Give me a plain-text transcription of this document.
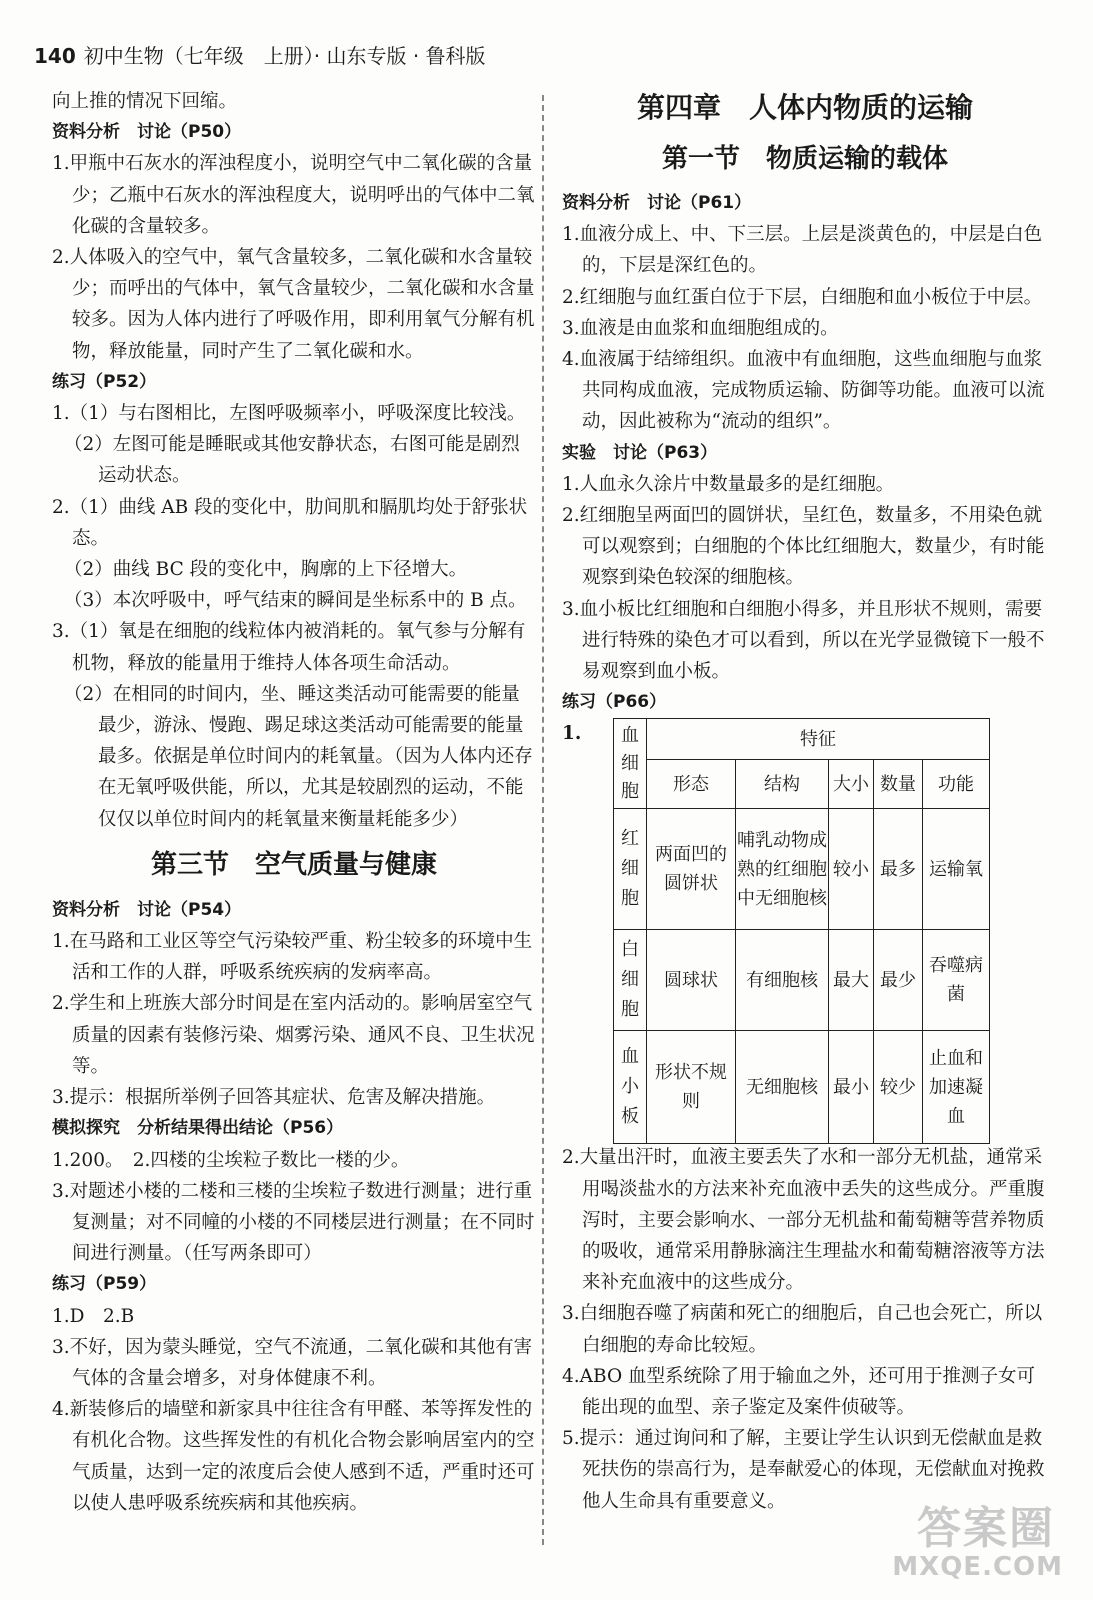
140 初中生物（七年级　上册）· 山东专版 · 鲁科版

向上推的情况下回缩。

资料分析　讨论（P50）

1.甲瓶中石灰水的浑浊程度小，说明空气中二氧化碳的含量少；乙瓶中石灰水的浑浊程度大，说明呼出的气体中二氧化碳的含量较多。

2.人体吸入的空气中，氧气含量较多，二氧化碳和水含量较少；而呼出的气体中，氧气含量较少，二氧化碳和水含量较多。因为人体内进行了呼吸作用，即利用氧气分解有机物，释放能量，同时产生了二氧化碳和水。

练习（P52）

1.（1）与右图相比，左图呼吸频率小，呼吸深度比较浅。

（2）左图可能是睡眠或其他安静状态，右图可能是剧烈运动状态。

2.（1）曲线 AB 段的变化中，肋间肌和膈肌均处于舒张状态。

（2）曲线 BC 段的变化中，胸廓的上下径增大。

（3）本次呼吸中，呼气结束的瞬间是坐标系中的 B 点。

3.（1）氧是在细胞的线粒体内被消耗的。氧气参与分解有机物，释放的能量用于维持人体各项生命活动。

（2）在相同的时间内，坐、睡这类活动可能需要的能量最少，游泳、慢跑、踢足球这类活动可能需要的能量最多。依据是单位时间内的耗氧量。（因为人体内还存在无氧呼吸供能，所以，尤其是较剧烈的运动，不能仅仅以单位时间内的耗氧量来衡量耗能多少）

第三节　空气质量与健康

资料分析　讨论（P54）

1.在马路和工业区等空气污染较严重、粉尘较多的环境中生活和工作的人群，呼吸系统疾病的发病率高。

2.学生和上班族大部分时间是在室内活动的。影响居室空气质量的因素有装修污染、烟雾污染、通风不良、卫生状况等。

3.提示：根据所举例子回答其症状、危害及解决措施。

模拟探究　分析结果得出结论（P56）

1.200。　2.四楼的尘埃粒子数比一楼的少。

3.对题述小楼的二楼和三楼的尘埃粒子数进行测量；进行重复测量；对不同幢的小楼的不同楼层进行测量；在不同时间进行测量。（任写两条即可）

练习（P59）

1.D　2.B

3.不好，因为蒙头睡觉，空气不流通，二氧化碳和其他有害气体的含量会增多，对身体健康不利。

4.新装修后的墙壁和新家具中往往含有甲醛、苯等挥发性的有机化合物。这些挥发性的有机化合物会影响居室内的空气质量，达到一定的浓度后会使人感到不适，严重时还可以使人患呼吸系统疾病和其他疾病。

第四章　人体内物质的运输

第一节　物质运输的载体

资料分析　讨论（P61）

1.血液分成上、中、下三层。上层是淡黄色的，中层是白色的，下层是深红色的。

2.红细胞与血红蛋白位于下层，白细胞和血小板位于中层。

3.血液是由血浆和血细胞组成的。

4.血液属于结缔组织。血液中有血细胞，这些血细胞与血浆共同构成血液，完成物质运输、防御等功能。血液可以流动，因此被称为“流动的组织”。

实验　讨论（P63）

1.人血永久涂片中数量最多的是红细胞。

2.红细胞呈两面凹的圆饼状，呈红色，数量多，不用染色就可以观察到；白细胞的个体比红细胞大，数量少，有时能观察到染色较深的细胞核。

3.血小板比红细胞和白细胞小得多，并且形状不规则，需要进行特殊的染色才可以看到，所以在光学显微镜下一般不易观察到血小板。

练习（P66）

1. 血细胞	特征				
	形态	结构	大小	数量	功能
红细胞	两面凹的圆饼状	哺乳动物成熟的红细胞中无细胞核	较小	最多	运输氧
白细胞	圆球状	有细胞核	最大	最少	吞噬病菌
血小板	形状不规则	无细胞核	最小	较少	止血和加速凝血

2.大量出汗时，血液主要丢失了水和一部分无机盐，通常采用喝淡盐水的方法来补充血液中丢失的这些成分。严重腹泻时，主要会影响水、一部分无机盐和葡萄糖等营养物质的吸收，通常采用静脉滴注生理盐水和葡萄糖溶液等方法来补充血液中的这些成分。

3.白细胞吞噬了病菌和死亡的细胞后，自己也会死亡，所以白细胞的寿命比较短。

4.ABO 血型系统除了用于输血之外，还可用于推测子女可能出现的血型、亲子鉴定及案件侦破等。

5.提示：通过询问和了解，主要让学生认识到无偿献血是救死扶伤的崇高行为，是奉献爱心的体现，无偿献血对挽救他人生命具有重要意义。

答案圈
MXQE.COM
